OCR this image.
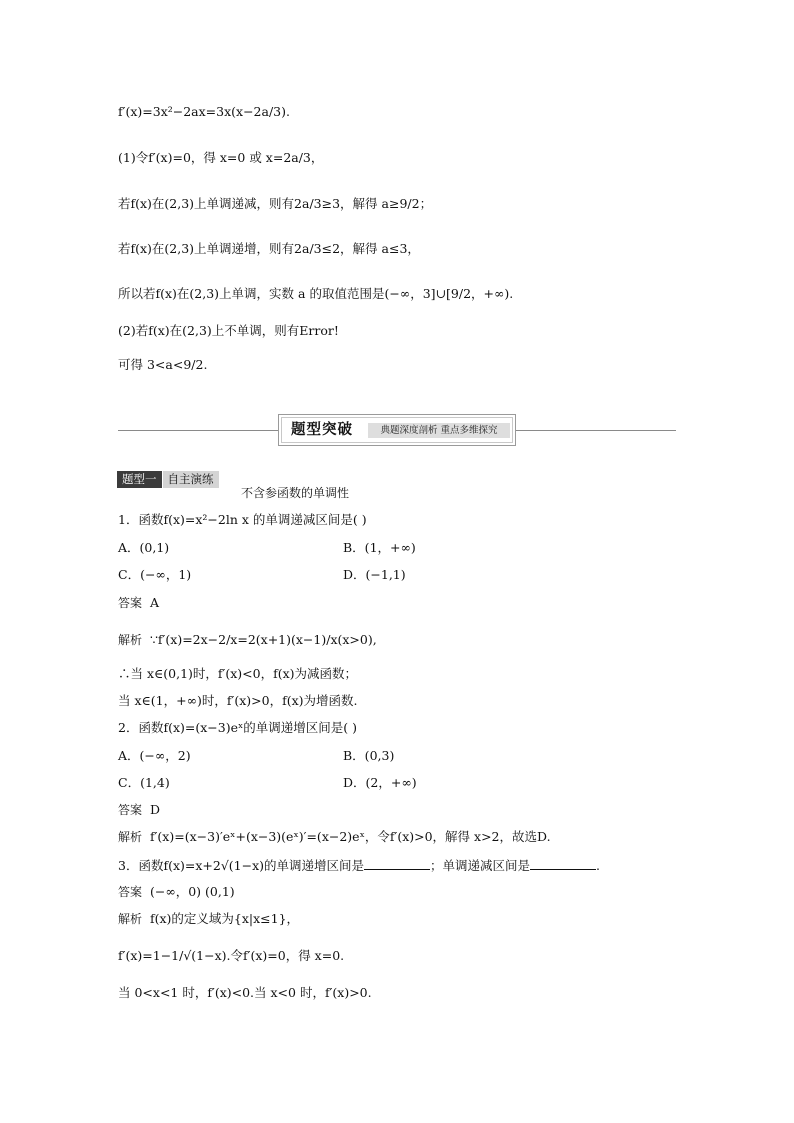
f′(x)=3x²−2ax=3x(x−2a/3).
(1)令f′(x)=0，得 x=0 或 x=2a/3，
若f(x)在(2,3)上单调递减，则有2a/3≥3，解得 a≥9/2；
若f(x)在(2,3)上单调递增，则有2a/3≤2，解得 a≤3，
所以若f(x)在(2,3)上单调，实数 a 的取值范围是(−∞，3]∪[9/2，+∞).
(2)若f(x)在(2,3)上不单调，则有Error!
可得 3<a<9/2.
题型突破	典题深度剖析 重点多维探究
题型一 自主演练
不含参函数的单调性
1．函数f(x)=x²−2ln x 的单调递减区间是( )
A．(0,1)	B．(1，+∞)
C．(−∞，1)	D．(−1,1)
答案 A
解析 ∵f′(x)=2x−2/x=2(x+1)(x−1)/x(x>0),
∴当 x∈(0,1)时，f′(x)<0，f(x)为减函数；
当 x∈(1，+∞)时，f′(x)>0，f(x)为增函数.
2．函数f(x)=(x−3)eˣ的单调递增区间是( )
A．(−∞，2)	B．(0,3)
C．(1,4)	D．(2，+∞)
答案 D
解析 f′(x)=(x−3)′eˣ+(x−3)(eˣ)′=(x−2)eˣ，令f′(x)>0，解得 x>2，故选D.
3．函数f(x)=x+2√(1−x)的单调递增区间是	；单调递减区间是	.
答案 (−∞，0) (0,1)
解析 f(x)的定义域为{x|x≤1}，
f′(x)=1−1/√(1−x).令f′(x)=0，得 x=0.
当 0<x<1 时，f′(x)<0.当 x<0 时，f′(x)>0.
